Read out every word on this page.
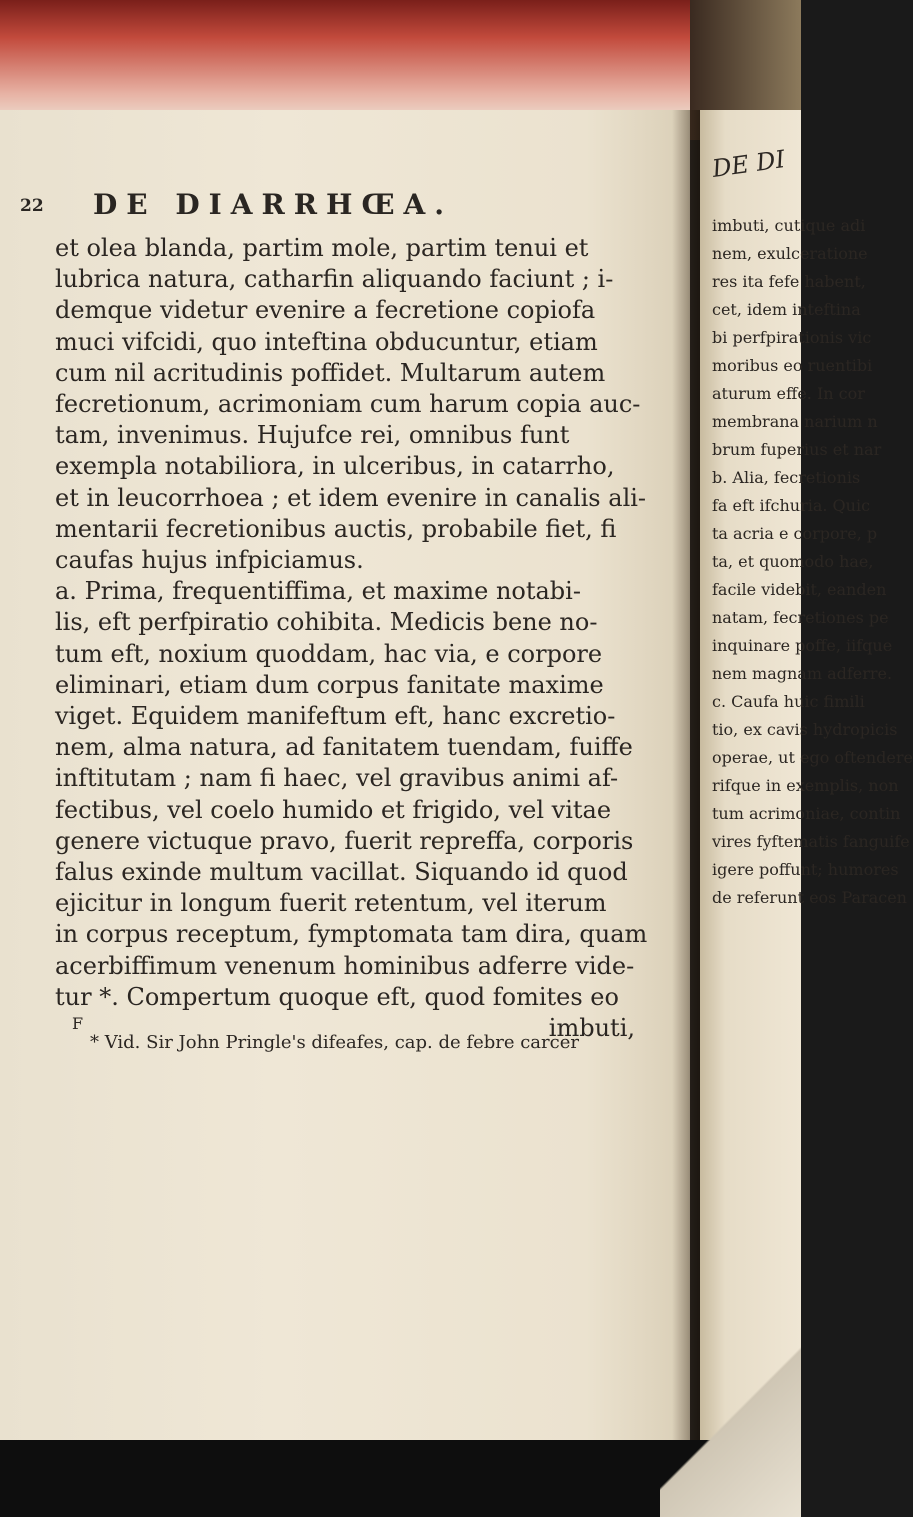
22 DE DIARRHŒA.

et olea blanda, partim mole, partim tenui et
lubrica natura, catharfin aliquando faciunt ; i-
demque videtur evenire a fecretione copiofa
muci vifcidi, quo inteftina obducuntur, etiam
cum nil acritudinis poffidet. Multarum autem
fecretionum, acrimoniam cum harum copia auc-
tam, invenimus. Hujufce rei, omnibus funt
exempla notabiliora, in ulceribus, in catarrho,
et in leucorrhoea ; et idem evenire in canalis ali-
mentarii fecretionibus auctis, probabile fiet, fi
caufas hujus infpiciamus.
a. Prima, frequentiffima, et maxime notabi-
lis, eft perfpiratio cohibita. Medicis bene no-
tum eft, noxium quoddam, hac via, e corpore
eliminari, etiam dum corpus fanitate maxime
viget. Equidem manifeftum eft, hanc excretio-
nem, alma natura, ad fanitatem tuendam, fuiffe
inftitutam ; nam fi haec, vel gravibus animi af-
fectibus, vel coelo humido et frigido, vel vitae
genere victuque pravo, fuerit repreffa, corporis
falus exinde multum vacillat. Siquando id quod
ejicitur in longum fuerit retentum, vel iterum
in corpus receptum, fymptomata tam dira, quam
acerbiffimum venenum hominibus adferre vide-
tur *. Compertum quoque eft, quod fomites eo
imbuti,

F
* Vid. Sir John Pringle's difeafes, cap. de febre carcer
DE DI
imbuti, cutique adi
nem, exulceratione
res ita fefe habent,
cet, idem inteftina
bi perfpirationis vic
moribus eo ruentibi
aturum effe. In cor
membrana narium n
brum fuperius et nar
b. Alia, fecretionis
fa eft ifchuria. Quic
ta acria e corpore, p
ta, et quomodo hae,
facile videbit, eanden
natam, fecretiones pe
inquinare poffe, iifque
nem magnam adferre.
c. Caufa huic fimili
tio, ex cavis hydropicis
operae, ut ego oftendere
rifque in exemplis, non
tum acrimoniae, contin
vires fyftematis fanguife
igere poffunt; humores
de referunt eos Paracen
